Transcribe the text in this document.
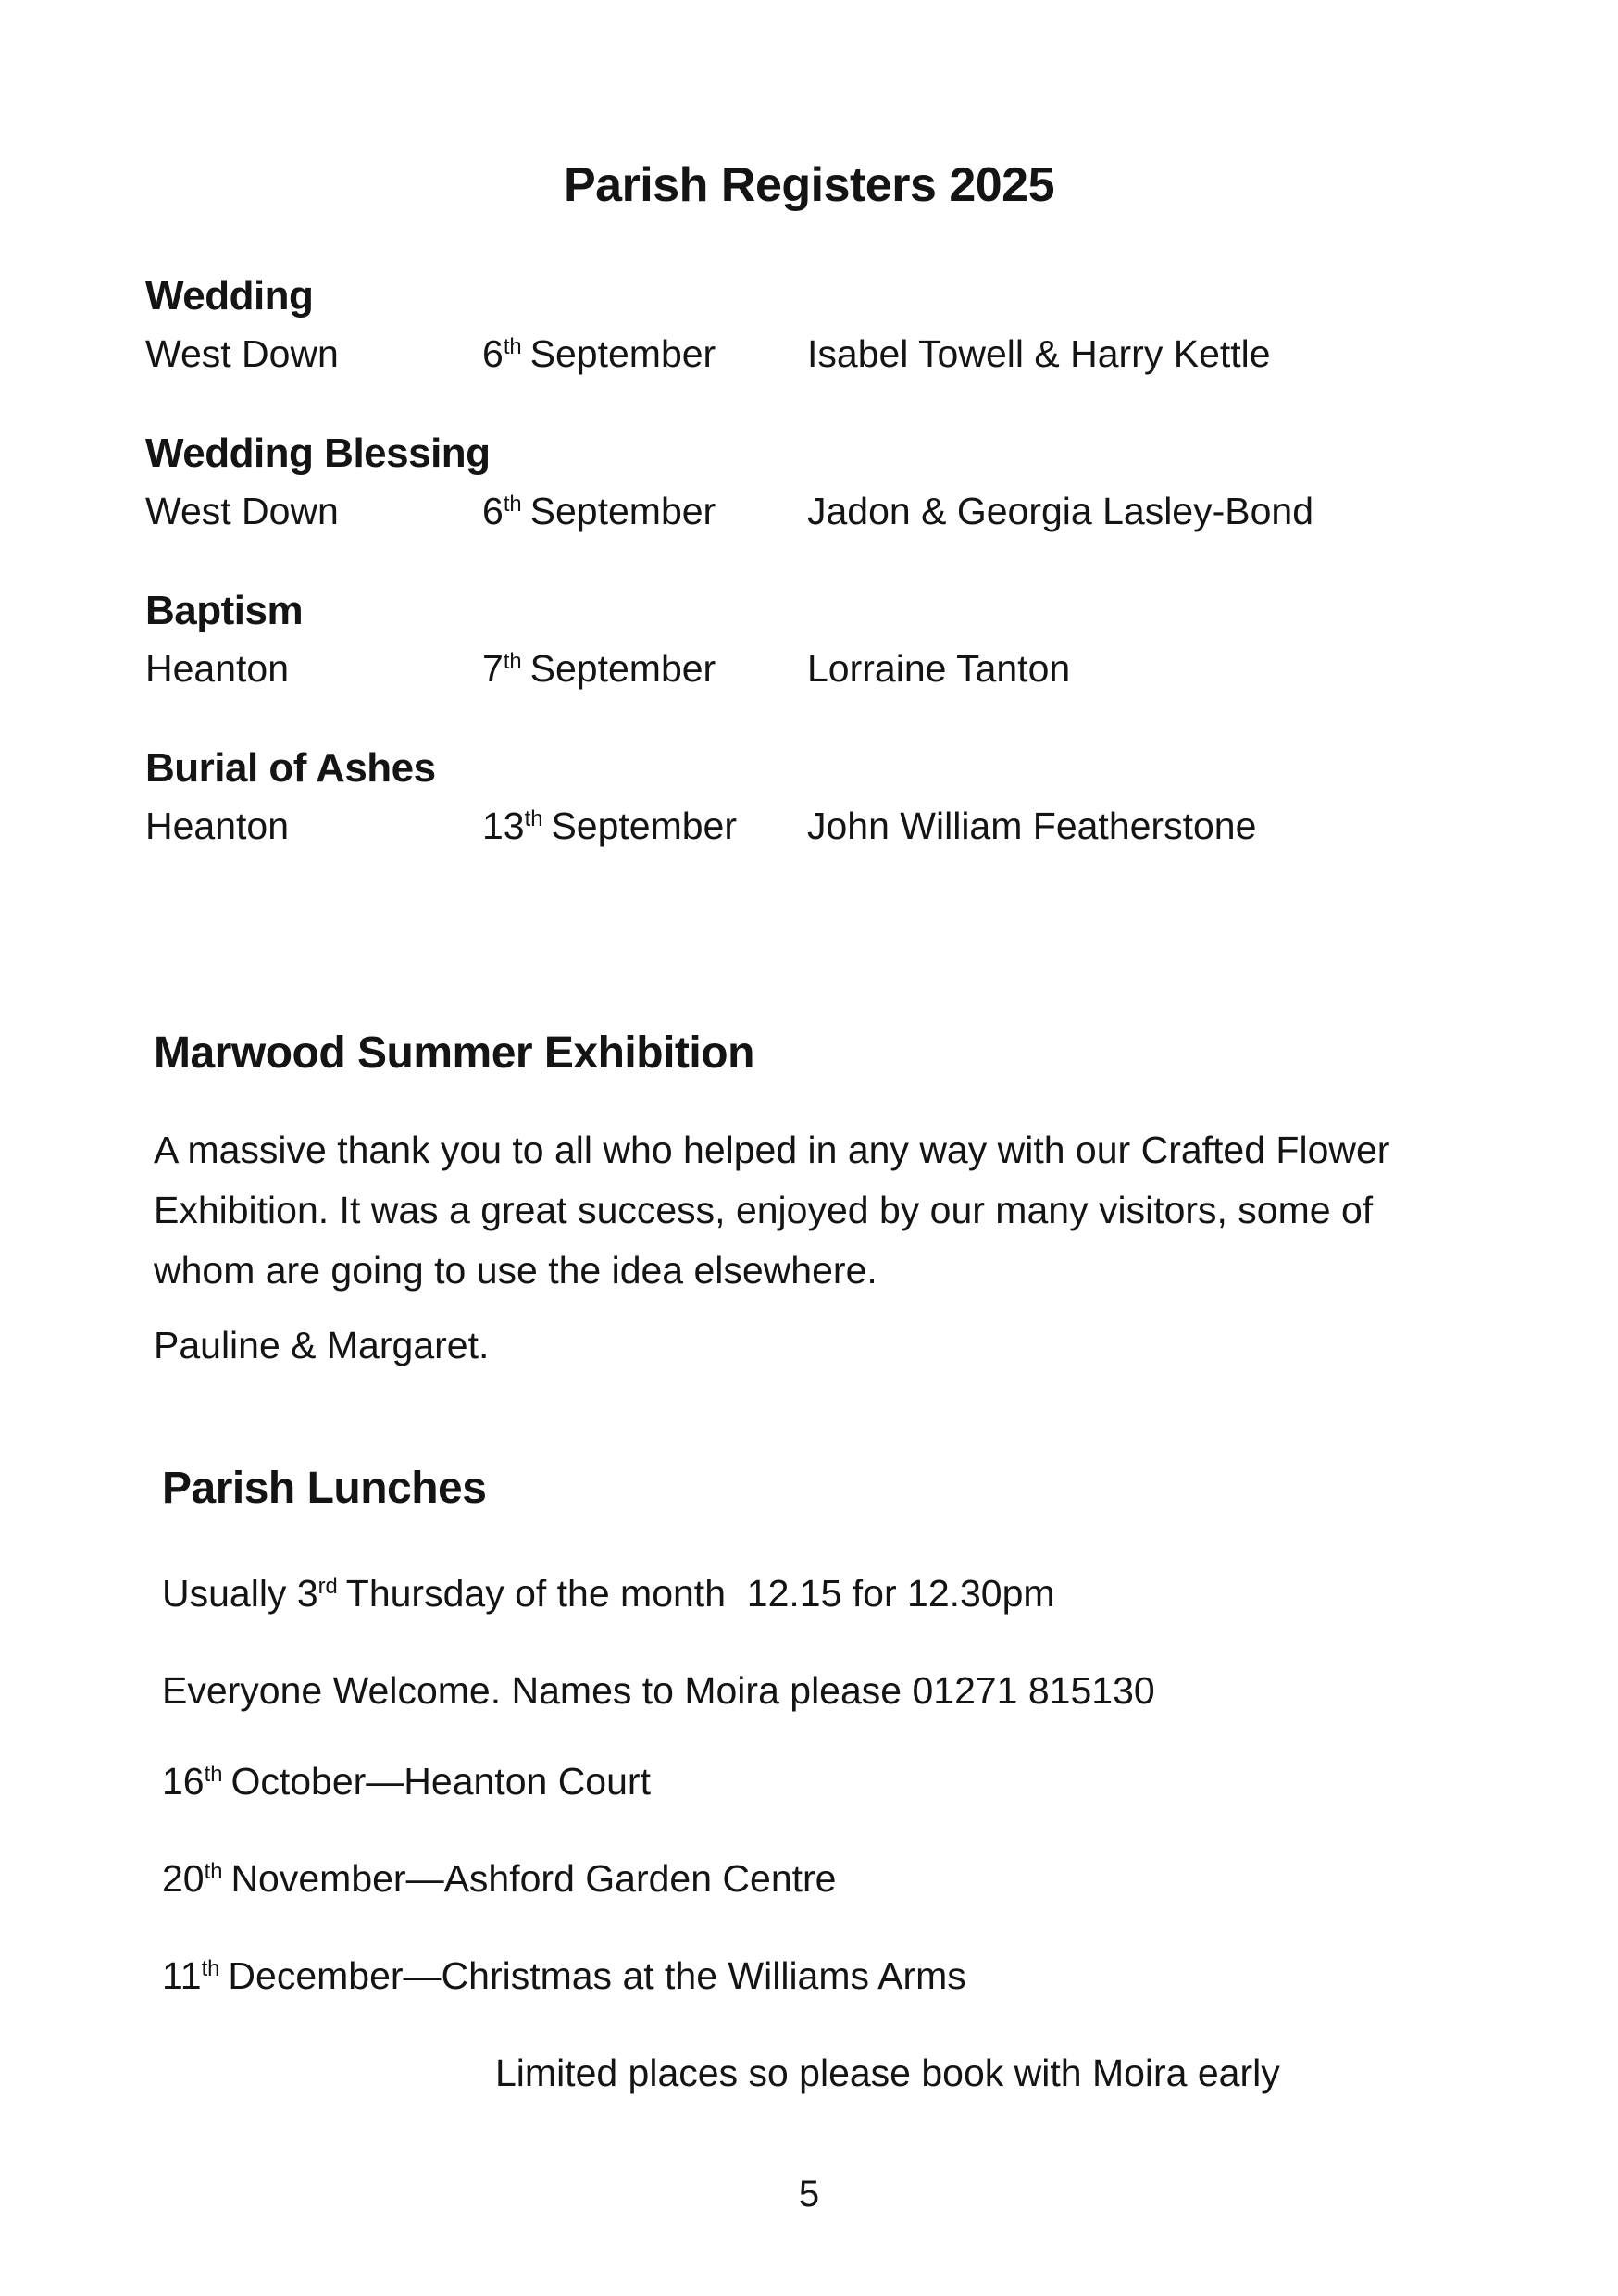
Parish Registers 2025
Wedding
West Down	6th September	Isabel Towell & Harry Kettle
Wedding Blessing
West Down	6th September	Jadon & Georgia Lasley-Bond
Baptism
Heanton	7th September	Lorraine Tanton
Burial of Ashes
Heanton	13th September	John William Featherstone
Marwood Summer Exhibition

A massive thank you to all who helped in any way with our Crafted Flower Exhibition. It was a great success, enjoyed by our many visitors, some of whom are going to use the idea elsewhere.

Pauline & Margaret.

Parish Lunches

Usually 3rd Thursday of the month  12.15 for 12.30pm

Everyone Welcome. Names to Moira please 01271 815130

16th October—Heanton Court

20th November—Ashford Garden Centre

11th December—Christmas at the Williams Arms

Limited places so please book with Moira early

5
